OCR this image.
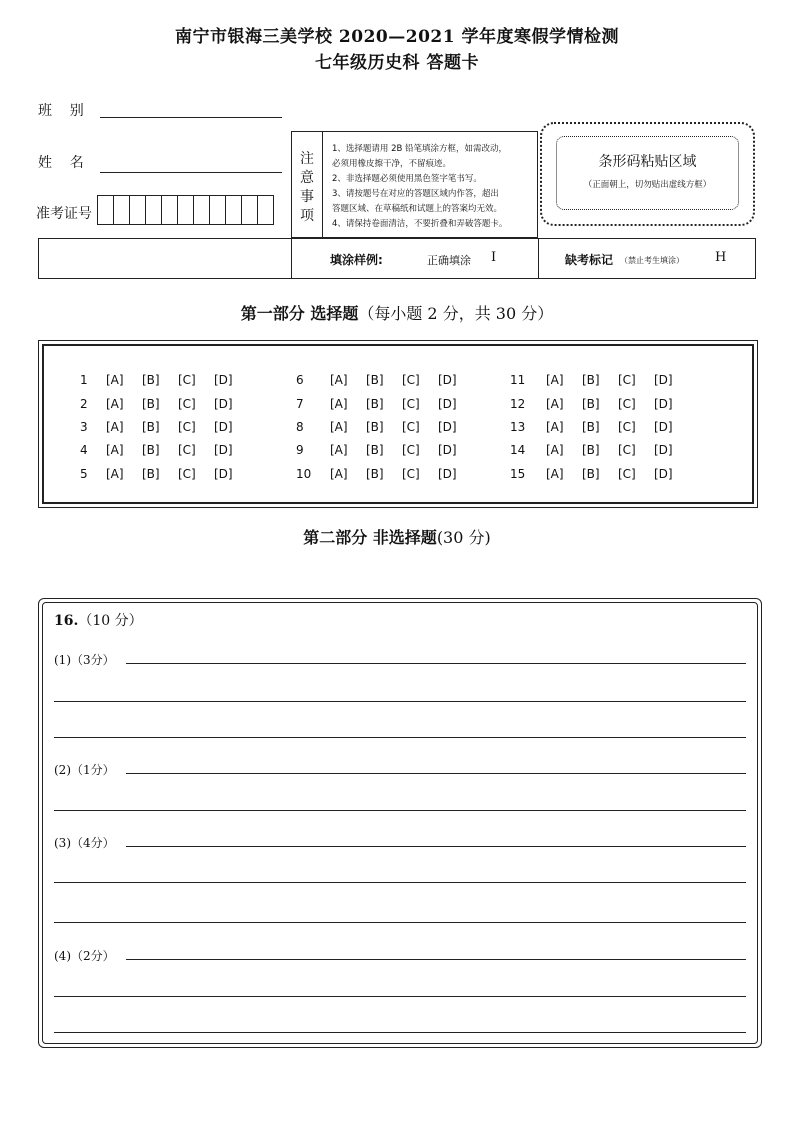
南宁市银海三美学校 2020—2021 学年度寒假学情检测
七年级历史科 答题卡
班    别
姓    名
准考证号
注
意
事
项
1、选择题请用 2B 铅笔填涂方框，如需改动，
必须用橡皮擦干净，不留痕迹。
2、非选择题必须使用黑色签字笔书写。
3、请按题号在对应的答题区域内作答，超出
答题区域、在草稿纸和试题上的答案均无效。
4、请保持卷面清洁，不要折叠和弄破答题卡。
条形码粘贴区域
（正面朝上，切勿贴出虚线方框）
填涂样例:	正确填涂 I	缺考标记 （禁止考生填涂） H
第一部分 选择题（每小题 2 分，共 30 分）
1 [A] [B] [C] [D]
2 [A] [B] [C] [D]
3 [A] [B] [C] [D]
4 [A] [B] [C] [D]
5 [A] [B] [C] [D]
6 [A] [B] [C] [D]
7 [A] [B] [C] [D]
8 [A] [B] [C] [D]
9 [A] [B] [C] [D]
10 [A] [B] [C] [D]
11 [A] [B] [C] [D]
12 [A] [B] [C] [D]
13 [A] [B] [C] [D]
14 [A] [B] [C] [D]
15 [A] [B] [C] [D]
第二部分 非选择题(30 分)
16.（10 分）
(1)（3分）
(2)（1分）
(3)（4分）
(4)（2分）
